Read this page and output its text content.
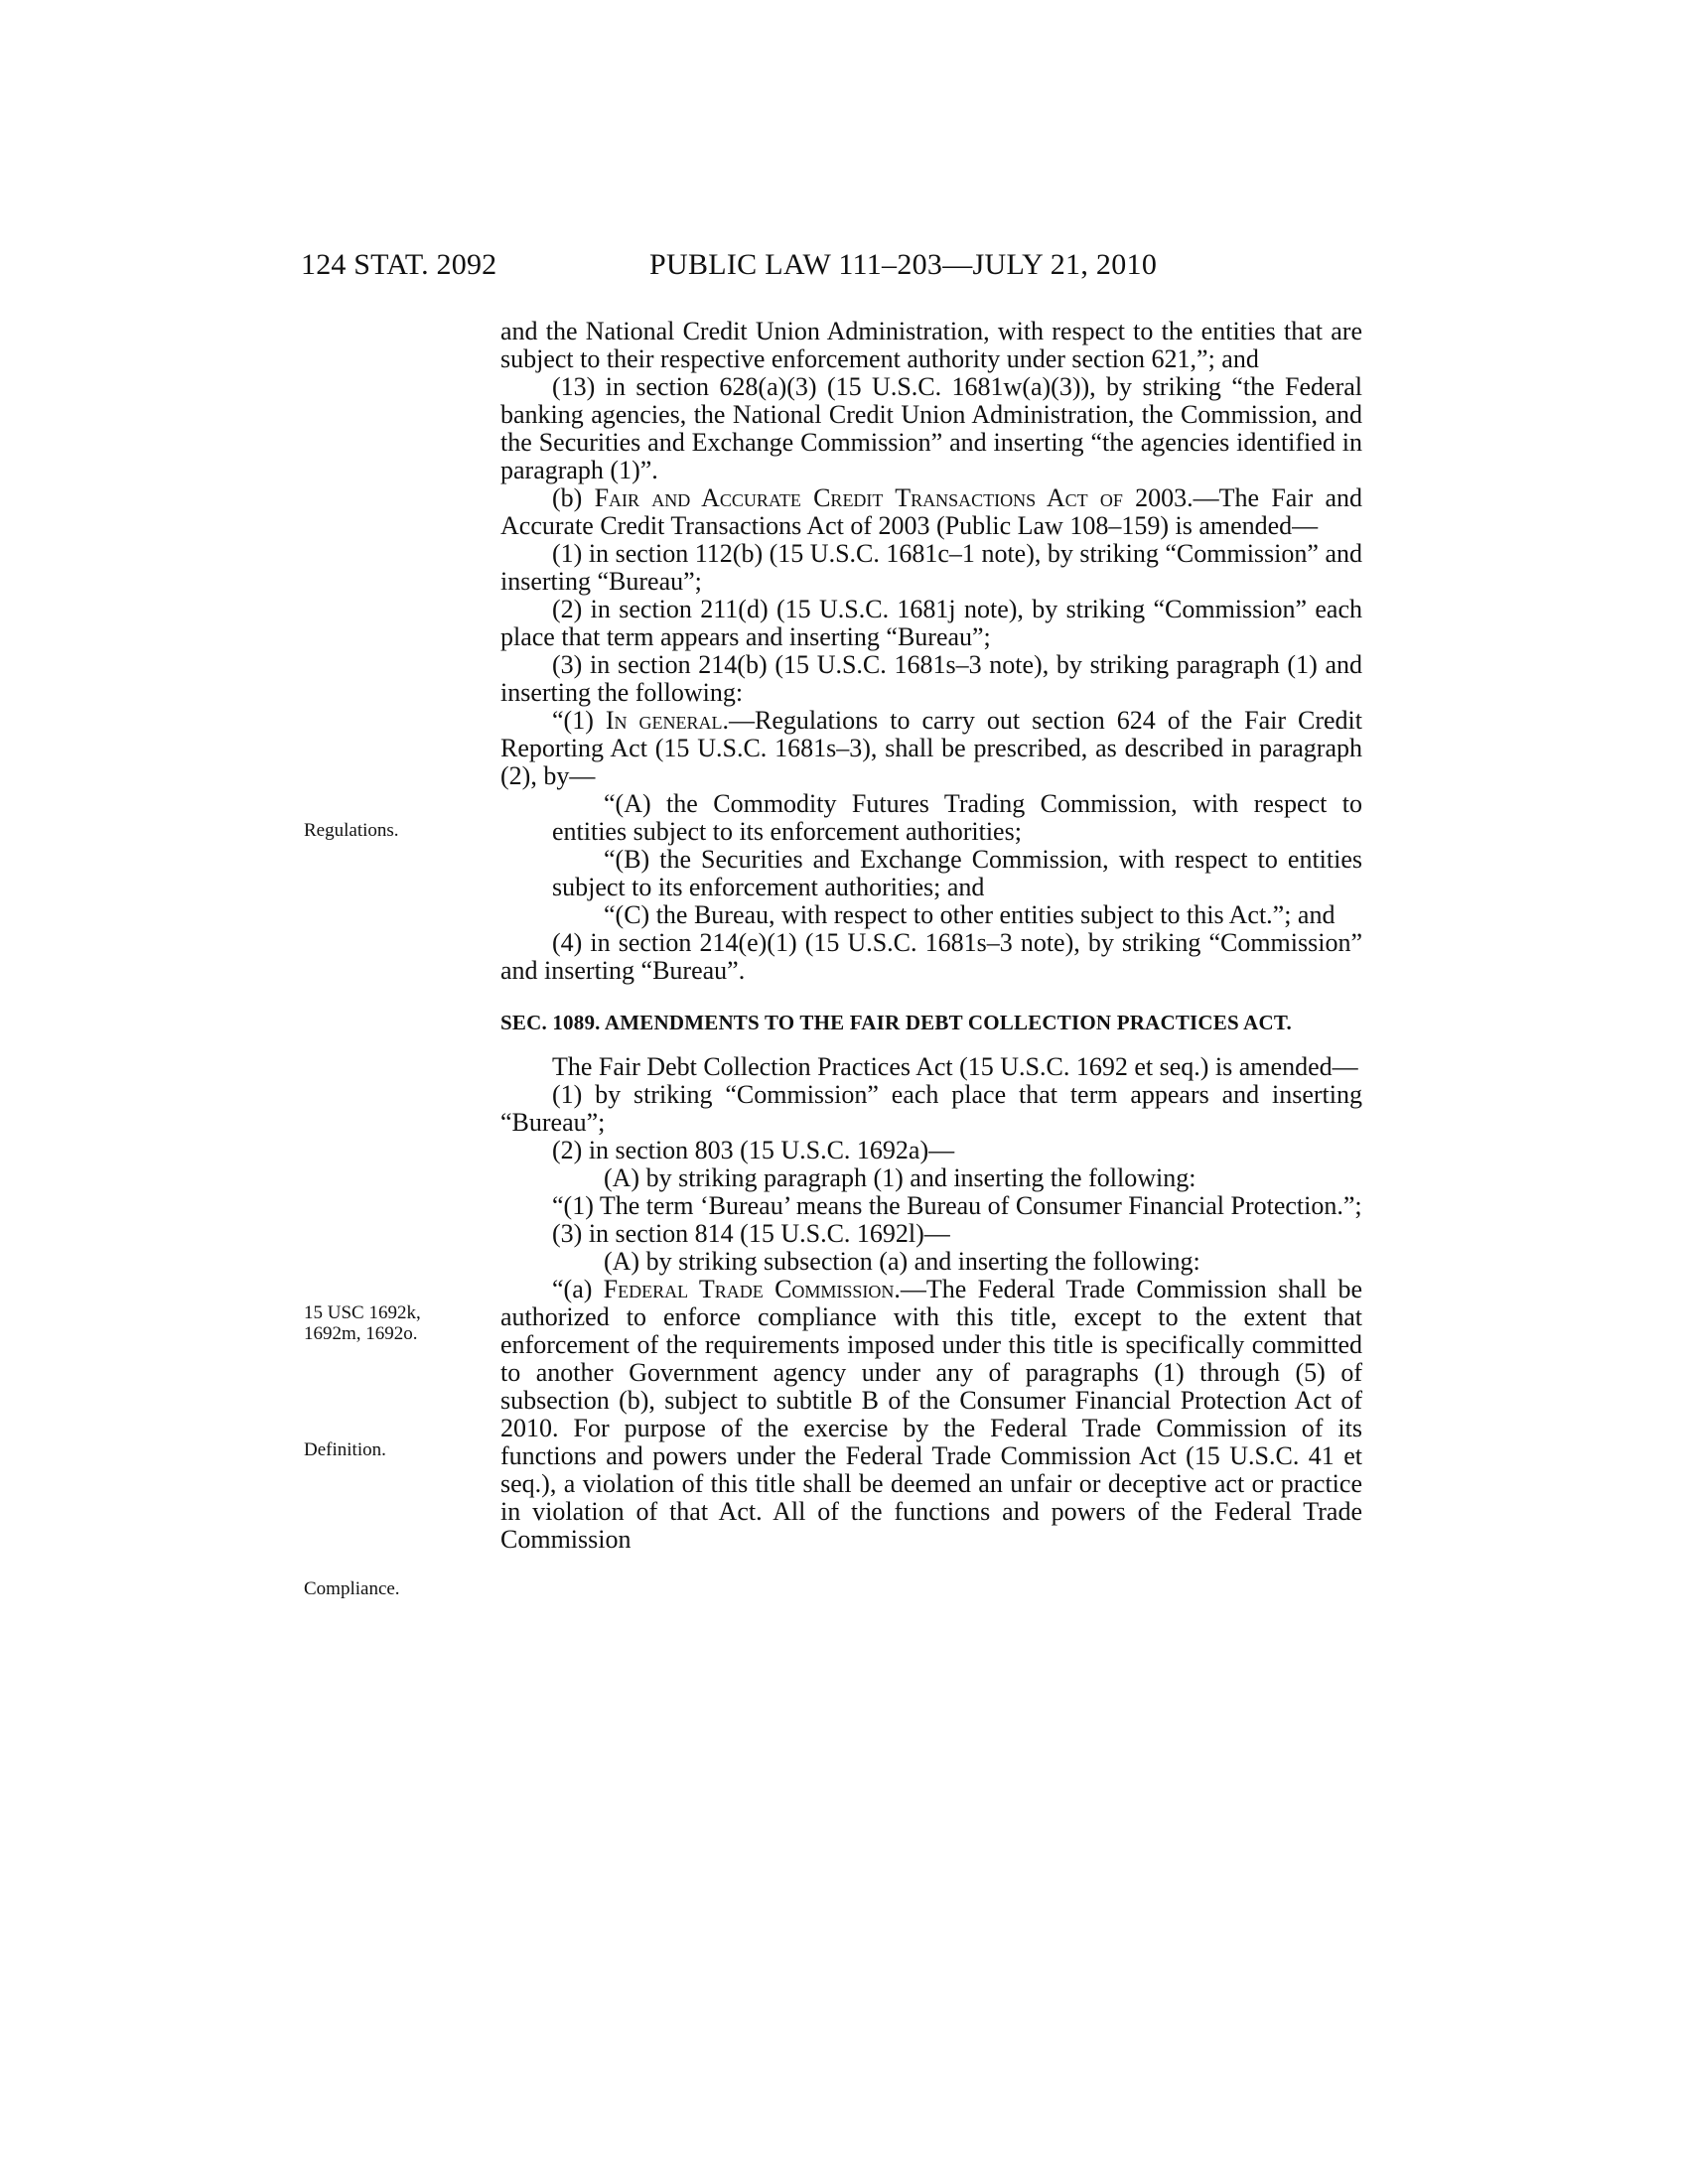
124 STAT. 2092	PUBLIC LAW 111–203—JULY 21, 2010
Regulations.
15 USC 1692k,
1692m, 1692o.
Definition.
Compliance.

and the National Credit Union Administration, with respect to the entities that are subject to their respective enforcement authority under section 621,”; and

(13) in section 628(a)(3) (15 U.S.C. 1681w(a)(3)), by striking “the Federal banking agencies, the National Credit Union Administration, the Commission, and the Securities and Exchange Commission” and inserting “the agencies identified in paragraph (1)”.

(b) Fair and Accurate Credit Transactions Act of 2003.—The Fair and Accurate Credit Transactions Act of 2003 (Public Law 108–159) is amended—

(1) in section 112(b) (15 U.S.C. 1681c–1 note), by striking “Commission” and inserting “Bureau”;

(2) in section 211(d) (15 U.S.C. 1681j note), by striking “Commission” each place that term appears and inserting “Bureau”;

(3) in section 214(b) (15 U.S.C. 1681s–3 note), by striking paragraph (1) and inserting the following:

“(1) In general.—Regulations to carry out section 624 of the Fair Credit Reporting Act (15 U.S.C. 1681s–3), shall be prescribed, as described in paragraph (2), by—

“(A) the Commodity Futures Trading Commission, with respect to entities subject to its enforcement authorities;

“(B) the Securities and Exchange Commission, with respect to entities subject to its enforcement authorities; and

“(C) the Bureau, with respect to other entities subject to this Act.”; and

(4) in section 214(e)(1) (15 U.S.C. 1681s–3 note), by striking “Commission” and inserting “Bureau”.

SEC. 1089. AMENDMENTS TO THE FAIR DEBT COLLECTION PRACTICES ACT.

The Fair Debt Collection Practices Act (15 U.S.C. 1692 et seq.) is amended—

(1) by striking “Commission” each place that term appears and inserting “Bureau”;

(2) in section 803 (15 U.S.C. 1692a)—

(A) by striking paragraph (1) and inserting the following:

“(1) The term ‘Bureau’ means the Bureau of Consumer Financial Protection.”;

(3) in section 814 (15 U.S.C. 1692l)—

(A) by striking subsection (a) and inserting the following:

“(a) Federal Trade Commission.—The Federal Trade Commission shall be authorized to enforce compliance with this title, except to the extent that enforcement of the requirements imposed under this title is specifically committed to another Government agency under any of paragraphs (1) through (5) of subsection (b), subject to subtitle B of the Consumer Financial Protection Act of 2010. For purpose of the exercise by the Federal Trade Commission of its functions and powers under the Federal Trade Commission Act (15 U.S.C. 41 et seq.), a violation of this title shall be deemed an unfair or deceptive act or practice in violation of that Act. All of the functions and powers of the Federal Trade Commission
